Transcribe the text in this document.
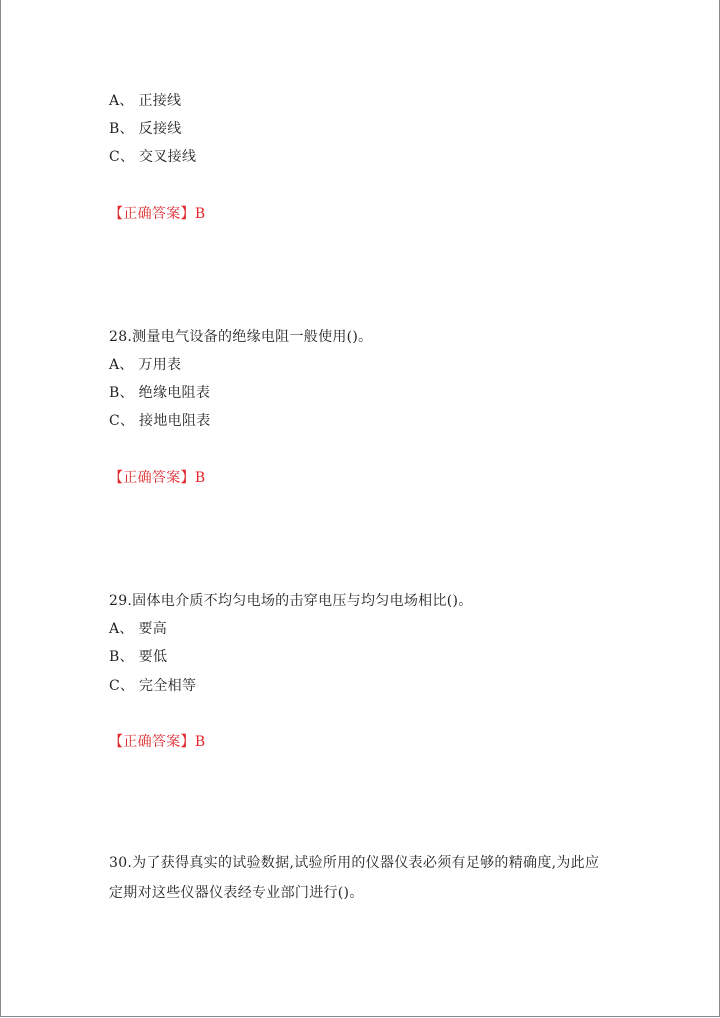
A、 正接线
B、 反接线
C、 交叉接线
【正确答案】B
28.测量电气设备的绝缘电阻一般使用()。
A、 万用表
B、 绝缘电阻表
C、 接地电阻表
【正确答案】B
29.固体电介质不均匀电场的击穿电压与均匀电场相比()。
A、 要高
B、 要低
C、 完全相等
【正确答案】B
30.为了获得真实的试验数据,试验所用的仪器仪表必须有足够的精确度,为此应
定期对这些仪器仪表经专业部门进行()。
